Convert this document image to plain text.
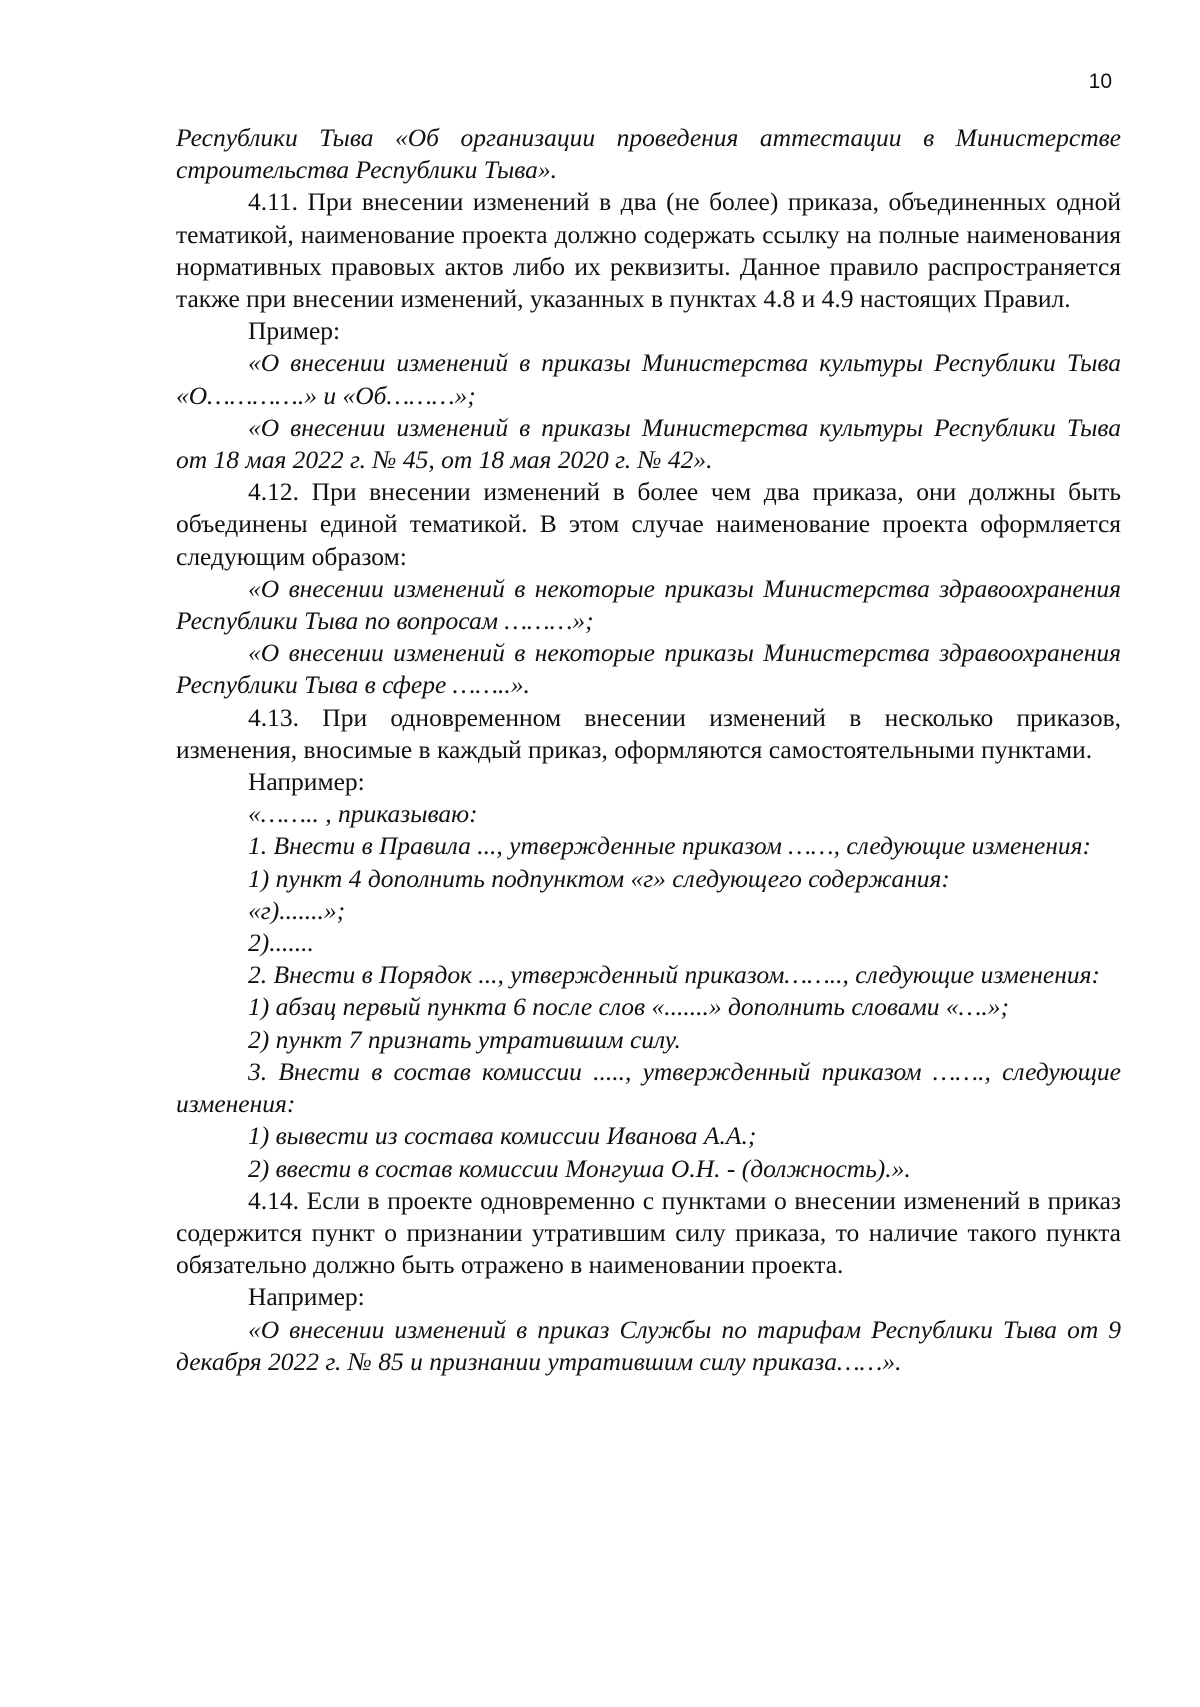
10

Республики Тыва «Об организации проведения аттестации в Министерстве строительства Республики Тыва».

4.11. При внесении изменений в два (не более) приказа, объединенных одной тематикой, наименование проекта должно содержать ссылку на полные наименования нормативных правовых актов либо их реквизиты. Данное правило распространяется также при внесении изменений, указанных в пунктах 4.8 и 4.9 настоящих Правил.

Пример:

«О внесении изменений в приказы Министерства культуры Республики Тыва «О………….» и «Об………»;

«О внесении изменений в приказы Министерства культуры Республики Тыва от 18 мая 2022 г. № 45, от 18 мая 2020 г. № 42».

4.12. При внесении изменений в более чем два приказа, они должны быть объединены единой тематикой. В этом случае наименование проекта оформляется следующим образом:

«О внесении изменений в некоторые приказы Министерства здравоохранения Республики Тыва по вопросам ………»;

«О внесении изменений в некоторые приказы Министерства здравоохранения Республики Тыва в сфере ……..».

4.13. При одновременном внесении изменений в несколько приказов, изменения, вносимые в каждый приказ, оформляются самостоятельными пунктами.

Например:

«…….. , приказываю:

1. Внести в Правила ..., утвержденные приказом ……, следующие изменения:

1) пункт 4 дополнить подпунктом «г» следующего содержания:

«г).......»;

2).......

2. Внести в Порядок ..., утвержденный приказом…….., следующие изменения:

1) абзац первый пункта 6 после слов «.......» дополнить словами «….»;

2) пункт 7 признать утратившим силу.

3. Внести в состав комиссии ....., утвержденный приказом ……., следующие изменения:

1) вывести из состава комиссии Иванова А.А.;

2) ввести в состав комиссии Монгуша О.Н. - (должность).».

4.14. Если в проекте одновременно с пунктами о внесении изменений в приказ содержится пункт о признании утратившим силу приказа, то наличие такого пункта обязательно должно быть отражено в наименовании проекта.

Например:

«О внесении изменений в приказ Службы по тарифам Республики Тыва от 9 декабря 2022 г. № 85 и признании утратившим силу приказа……».
